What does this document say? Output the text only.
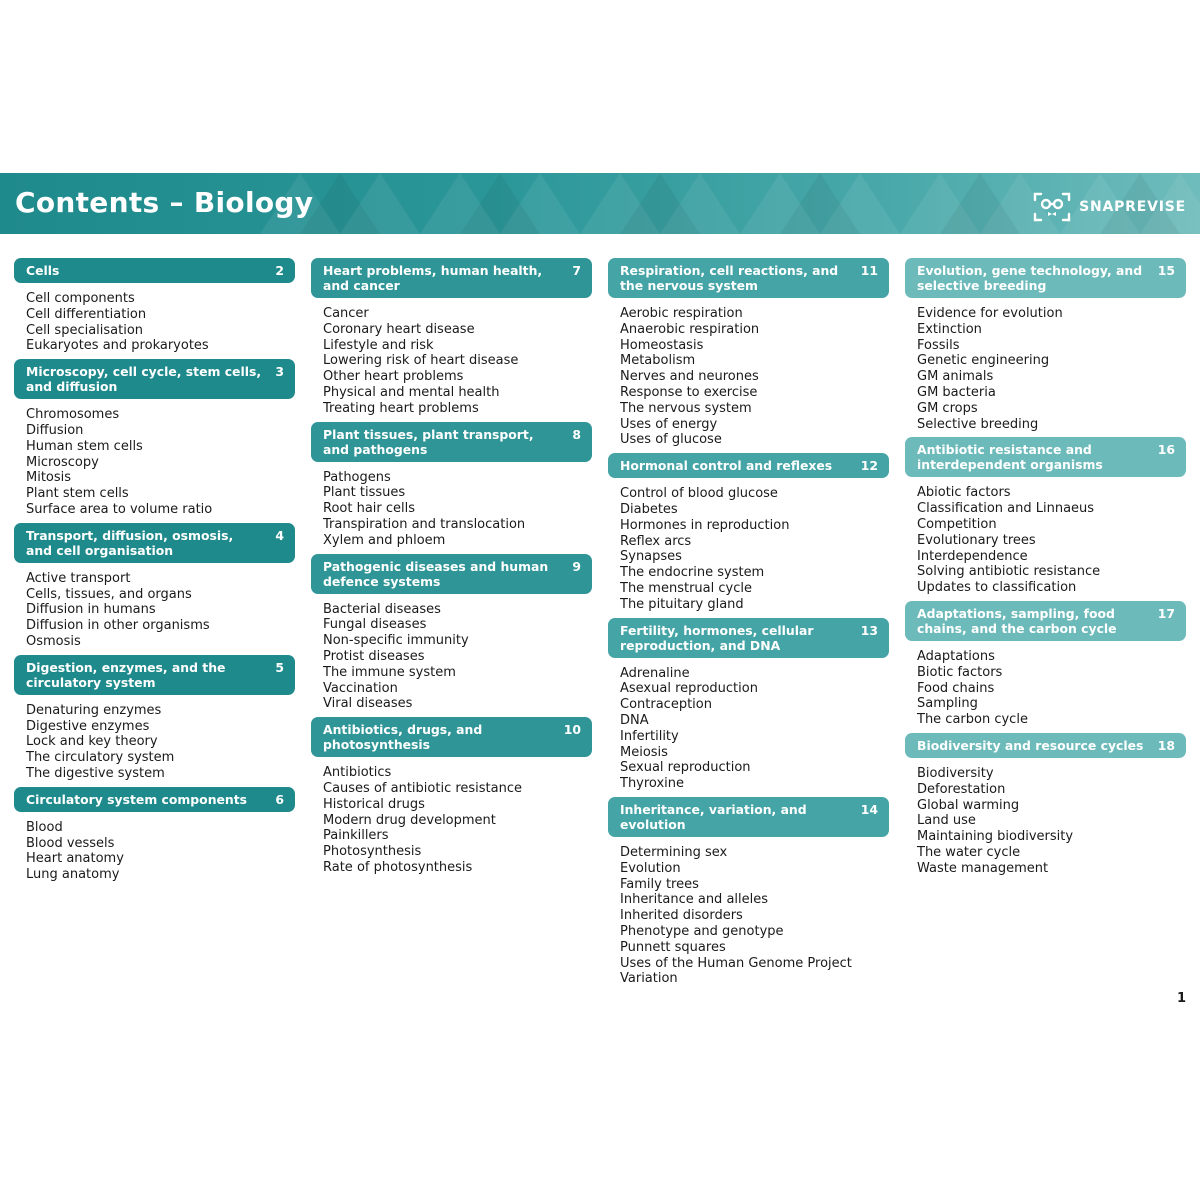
Contents – Biology	SNAPREVISE
Cells	2
Cell components
Cell differentiation
Cell specialisation
Eukaryotes and prokaryotes
Microscopy, cell cycle, stem cells, and diffusion
3
Chromosomes
Diffusion
Human stem cells
Microscopy
Mitosis
Plant stem cells
Surface area to volume ratio
Transport, diffusion, osmosis, and cell organisation
4
Active transport
Cells, tissues, and organs
Diffusion in humans
Diffusion in other organisms
Osmosis
Digestion, enzymes, and the circulatory system
5
Denaturing enzymes
Digestive enzymes
Lock and key theory
The circulatory system
The digestive system
Circulatory system components 6
Blood
Blood vessels
Heart anatomy
Lung anatomy
Heart problems, human health, and cancer
7
Cancer
Coronary heart disease
Lifestyle and risk
Lowering risk of heart disease
Other heart problems
Physical and mental health
Treating heart problems
Plant tissues, plant transport, and pathogens
8
Pathogens
Plant tissues
Root hair cells
Transpiration and translocation
Xylem and phloem
Pathogenic diseases and human defence systems
9
Bacterial diseases
Fungal diseases
Non-specific immunity
Protist diseases
The immune system
Vaccination
Viral diseases
Antibiotics, drugs, and photosynthesis
10
Antibiotics
Causes of antibiotic resistance
Historical drugs
Modern drug development
Painkillers
Photosynthesis
Rate of photosynthesis
Respiration, cell reactions, and the nervous system
11
Aerobic respiration
Anaerobic respiration
Homeostasis
Metabolism
Nerves and neurones
Response to exercise
The nervous system
Uses of energy
Uses of glucose
Hormonal control and reflexes 12
Control of blood glucose
Diabetes
Hormones in reproduction
Reflex arcs
Synapses
The endocrine system
The menstrual cycle
The pituitary gland
Fertility, hormones, cellular reproduction, and DNA
13
Adrenaline
Asexual reproduction
Contraception
DNA
Infertility
Meiosis
Sexual reproduction
Thyroxine
Inheritance, variation, and evolution
14
Determining sex
Evolution
Family trees
Inheritance and alleles
Inherited disorders
Phenotype and genotype
Punnett squares
Uses of the Human Genome Project
Variation
Evolution, gene technology, and selective breeding
15
Evidence for evolution
Extinction
Fossils
Genetic engineering
GM animals
GM bacteria
GM crops
Selective breeding
Antibiotic resistance and interdependent organisms
16
Abiotic factors
Classification and Linnaeus
Competition
Evolutionary trees
Interdependence
Solving antibiotic resistance
Updates to classification
Adaptations, sampling, food chains, and the carbon cycle
17
Adaptations
Biotic factors
Food chains
Sampling
The carbon cycle
Biodiversity and resource cycles 18
Biodiversity
Deforestation
Global warming
Land use
Maintaining biodiversity
The water cycle
Waste management
1
